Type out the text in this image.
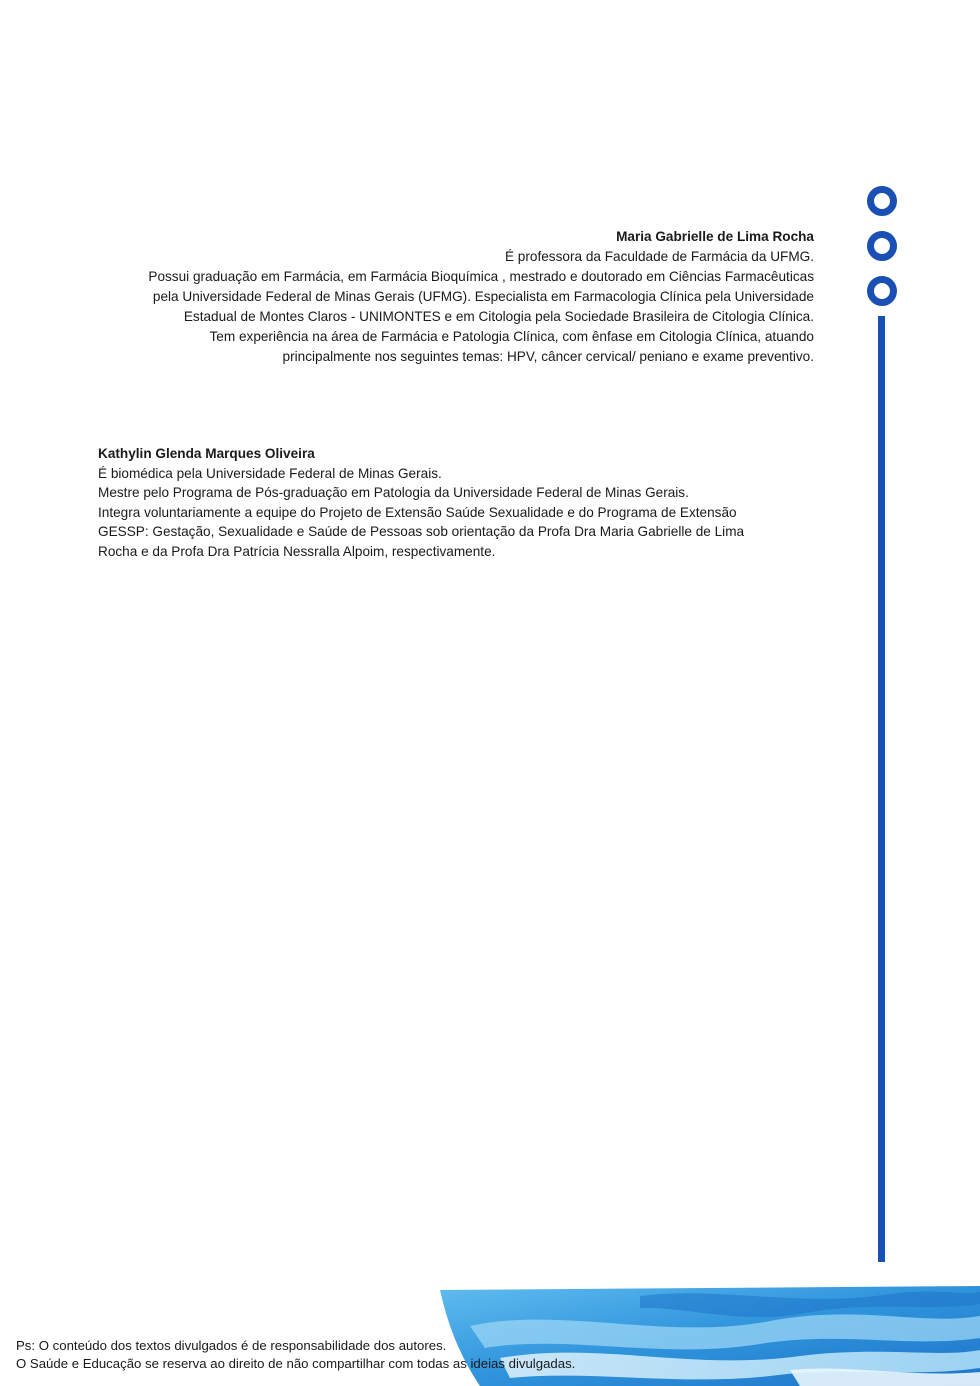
Maria Gabrielle de Lima Rocha
É professora da Faculdade de Farmácia da UFMG.
Possui graduação em Farmácia, em Farmácia Bioquímica , mestrado e doutorado em Ciências Farmacêuticas
pela Universidade Federal de Minas Gerais (UFMG). Especialista em Farmacologia Clínica pela Universidade
Estadual de Montes Claros - UNIMONTES e em Citologia pela Sociedade Brasileira de Citologia Clínica.
Tem experiência na área de Farmácia e Patologia Clínica, com ênfase em Citologia Clínica, atuando
principalmente nos seguintes temas: HPV, câncer cervical/ peniano e exame preventivo.
Kathylin Glenda Marques Oliveira
É biomédica pela Universidade Federal de Minas Gerais.
Mestre pelo Programa de Pós-graduação em Patologia da Universidade Federal de Minas Gerais.
Integra voluntariamente a equipe do Projeto de Extensão Saúde Sexualidade e do Programa de Extensão
GESSP: Gestação, Sexualidade e Saúde de Pessoas sob orientação da Profa Dra Maria Gabrielle de Lima
Rocha e da Profa Dra Patrícia Nessralla Alpoim, respectivamente.
Ps: O conteúdo dos textos divulgados é de responsabilidade dos autores.
O Saúde e Educação se reserva ao direito de não compartilhar com todas as ideias divulgadas.
